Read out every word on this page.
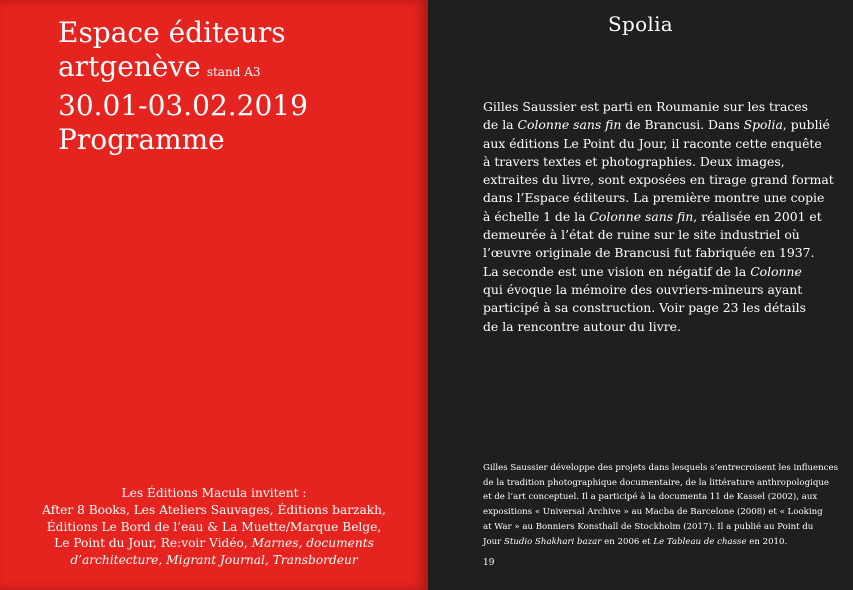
Espace éditeurs
artgenève stand A3
30.01-03.02.2019
Programme
Les Éditions Macula invitent :
After 8 Books, Les Ateliers Sauvages, Éditions barzakh,
Éditions Le Bord de l’eau & La Muette/Marque Belge,
Le Point du Jour, Re:voir Vidéo, Marnes, documents
d’architecture, Migrant Journal, Transbordeur
Spolia
Gilles Saussier est parti en Roumanie sur les traces
de la Colonne sans fin de Brancusi. Dans Spolia, publié
aux éditions Le Point du Jour, il raconte cette enquête
à travers textes et photographies. Deux images,
extraites du livre, sont exposées en tirage grand format
dans l’Espace éditeurs. La première montre une copie
à échelle 1 de la Colonne sans fin, réalisée en 2001 et
demeurée à l’état de ruine sur le site industriel où
l’œuvre originale de Brancusi fut fabriquée en 1937.
La seconde est une vision en négatif de la Colonne
qui évoque la mémoire des ouvriers-mineurs ayant
participé à sa construction. Voir page 23 les détails
de la rencontre autour du livre.
Gilles Saussier développe des projets dans lesquels s’entrecroisent les influences
de la tradition photographique documentaire, de la littérature anthropologique
et de l’art conceptuel. Il a participé à la documenta 11 de Kassel (2002), aux
expositions « Universal Archive » au Macba de Barcelone (2008) et « Looking
at War » au Bonniers Konsthall de Stockholm (2017). Il a publié au Point du
Jour Studio Shakhari bazar en 2006 et Le Tableau de chasse en 2010.
19
